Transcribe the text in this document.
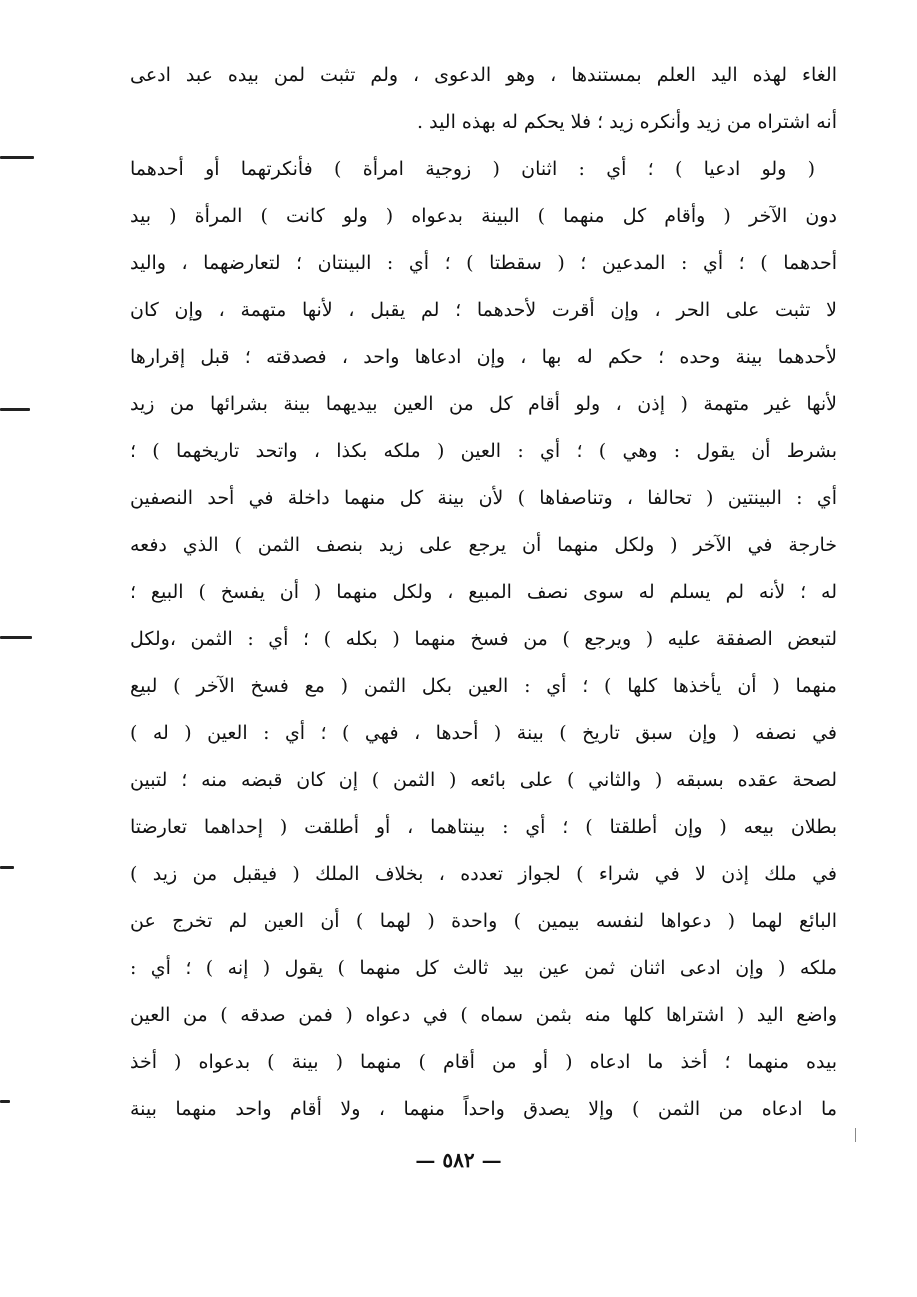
الغاء لهذه اليد العلم بمستندها ، وهو الدعوى ، ولم تثبت لمن بيده عبد ادعى
أنه اشتراه من زيد وأنكره زيد ؛ فلا يحكم له بهذه اليد .
( ولو ادعيا ) ؛ أي : اثنان ( زوجية امرأة ) فأنكرتهما أو أحدهما
دون الآخر ( وأقام كل منهما ) البينة بدعواه ( ولو كانت ) المرأة ( بيد
أحدهما ) ؛ أي : المدعين ؛ ( سقطتا ) ؛ أي : البينتان ؛ لتعارضهما ، واليد
لا تثبت على الحر ، وإن أقرت لأحدهما ؛ لم يقبل ، لأنها متهمة ، وإن كان
لأحدهما بينة وحده ؛ حكم له بها ، وإن ادعاها واحد ، فصدقته ؛ قبل إقرارها
لأنها غير متهمة ( إذن ، ولو أقام كل من العين بيديهما بينة بشرائها من زيد
بشرط أن يقول : وهي ) ؛ أي : العين ( ملكه بكذا ، واتحد تاريخهما ) ؛
أي : البينتين ( تحالفا ، وتناصفاها ) لأن بينة كل منهما داخلة في أحد النصفين
خارجة في الآخر ( ولكل منهما أن يرجع على زيد بنصف الثمن ) الذي دفعه
له ؛ لأنه لم يسلم له سوى نصف المبيع ، ولكل منهما ( أن يفسخ ) البيع ؛
لتبعض الصفقة عليه ( ويرجع ) من فسخ منهما ( بكله ) ؛ أي : الثمن ،ولكل
منهما ( أن يأخذها كلها ) ؛ أي : العين بكل الثمن ( مع فسخ الآخر ) لبيع
في نصفه ( وإن سبق تاريخ ) بينة ( أحدها ، فهي ) ؛ أي : العين ( له )
لصحة عقده بسبقه ( والثاني ) على بائعه ( الثمن ) إن كان قبضه منه ؛ لتبين
بطلان بيعه ( وإن أطلقتا ) ؛ أي : بينتاهما ، أو أطلقت ( إحداهما تعارضتا
في ملك إذن لا في شراء ) لجواز تعدده ، بخلاف الملك ( فيقبل من زيد )
البائع لهما ( دعواها لنفسه بيمين ) واحدة ( لهما ) أن العين لم تخرج عن
ملكه ( وإن ادعى اثنان ثمن عين بيد ثالث كل منهما ) يقول ( إنه ) ؛ أي :
واضع اليد ( اشتراها كلها منه بثمن سماه ) في دعواه ( فمن صدقه ) من العين
بيده منهما ؛ أخذ ما ادعاه ( أو من أقام ) منهما ( بينة ) بدعواه ( أخذ
ما ادعاه من الثمن ) وإلا يصدق واحداً منهما ، ولا أقام واحد منهما بينة
— ٥٨٢ —
